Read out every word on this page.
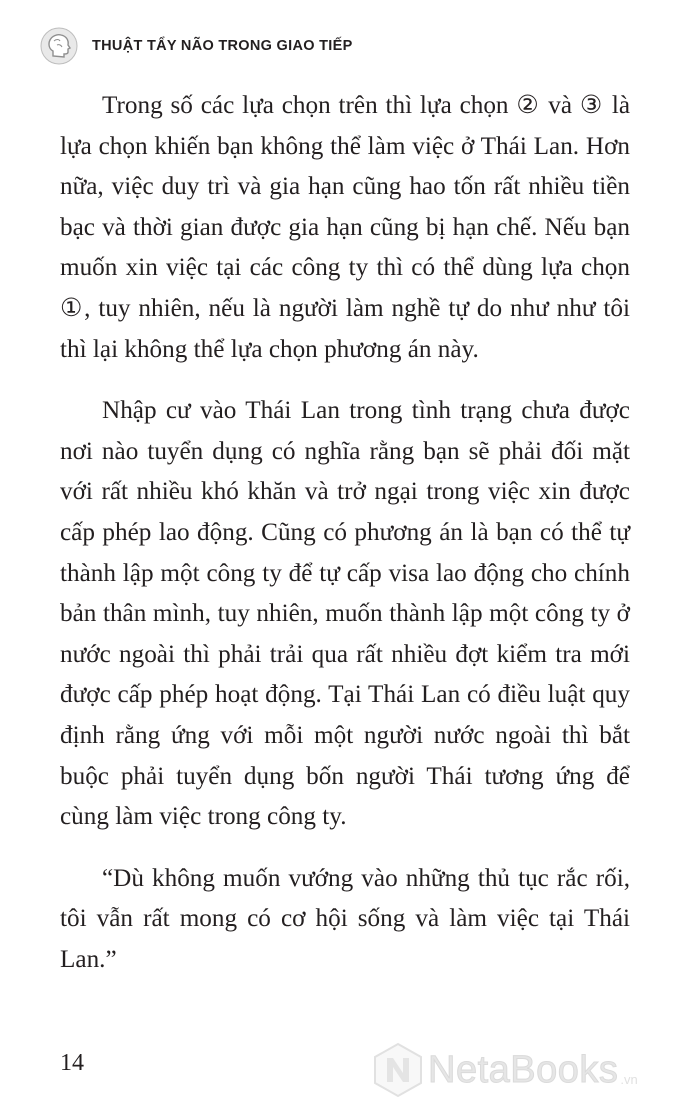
THUẬT TẨY NÃO TRONG GIAO TIẾP

Trong số các lựa chọn trên thì lựa chọn ② và ③ là lựa chọn khiến bạn không thể làm việc ở Thái Lan. Hơn nữa, việc duy trì và gia hạn cũng hao tốn rất nhiều tiền bạc và thời gian được gia hạn cũng bị hạn chế. Nếu bạn muốn xin việc tại các công ty thì có thể dùng lựa chọn ①, tuy nhiên, nếu là người làm nghề tự do như như tôi thì lại không thể lựa chọn phương án này.

Nhập cư vào Thái Lan trong tình trạng chưa được nơi nào tuyển dụng có nghĩa rằng bạn sẽ phải đối mặt với rất nhiều khó khăn và trở ngại trong việc xin được cấp phép lao động. Cũng có phương án là bạn có thể tự thành lập một công ty để tự cấp visa lao động cho chính bản thân mình, tuy nhiên, muốn thành lập một công ty ở nước ngoài thì phải trải qua rất nhiều đợt kiểm tra mới được cấp phép hoạt động. Tại Thái Lan có điều luật quy định rằng ứng với mỗi một người nước ngoài thì bắt buộc phải tuyển dụng bốn người Thái tương ứng để cùng làm việc trong công ty.

“Dù không muốn vướng vào những thủ tục rắc rối, tôi vẫn rất mong có cơ hội sống và làm việc tại Thái Lan.”

14	NetaBooks .vn
